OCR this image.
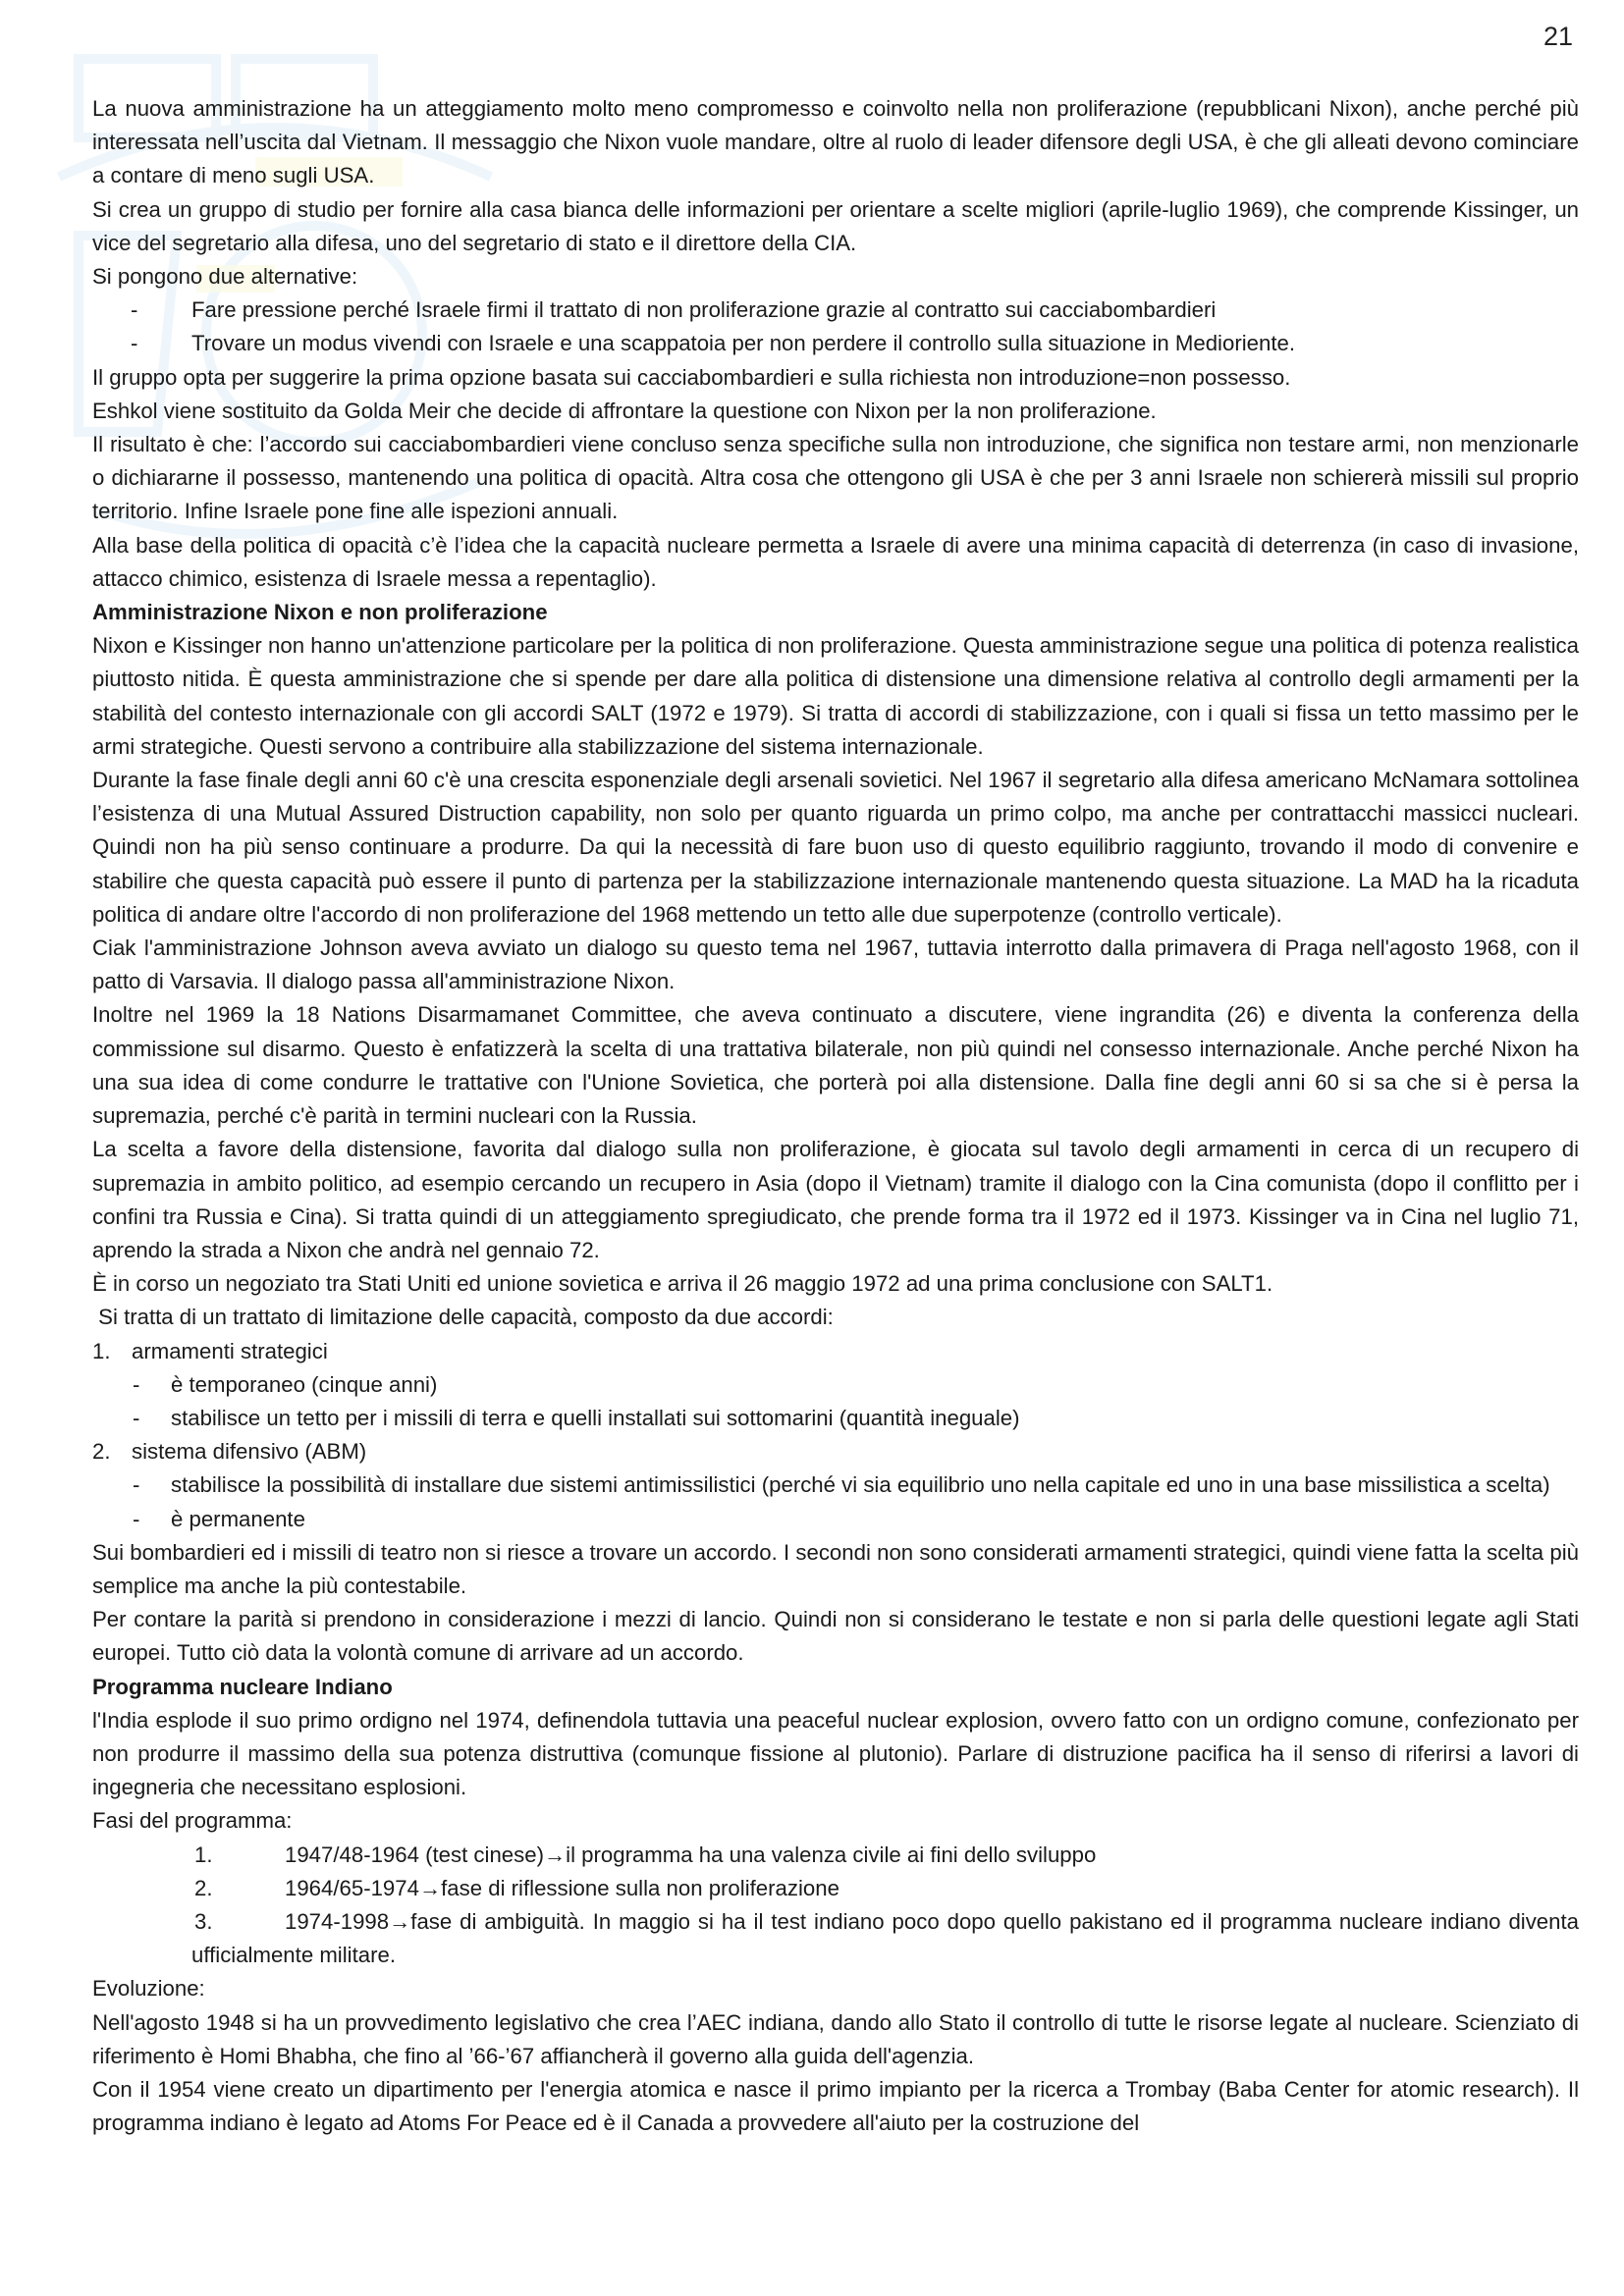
21

La nuova amministrazione ha un atteggiamento molto meno compromesso e coinvolto nella non proliferazione (repubblicani Nixon), anche perché più interessata nell’uscita dal Vietnam. Il messaggio che Nixon vuole mandare, oltre al ruolo di leader difensore degli USA, è che gli alleati devono cominciare a contare di meno sugli USA.

Si crea un gruppo di studio per fornire alla casa bianca delle informazioni per orientare a scelte migliori (aprile-luglio 1969), che comprende Kissinger, un vice del segretario alla difesa, uno del segretario di stato e il direttore della CIA.

Si pongono due alternative:

- Fare pressione perché Israele firmi il trattato di non proliferazione grazie al contratto sui cacciabombardieri
- Trovare un modus vivendi con Israele e una scappatoia per non perdere il controllo sulla situazione in Medioriente.

Il gruppo opta per suggerire la prima opzione basata sui cacciabombardieri e sulla richiesta non introduzione=non possesso.

Eshkol viene sostituito da Golda Meir che decide di affrontare la questione con Nixon per la non proliferazione.

Il risultato è che: l’accordo sui cacciabombardieri viene concluso senza specifiche sulla non introduzione, che significa non testare armi, non menzionarle o dichiararne il possesso, mantenendo una politica di opacità. Altra cosa che ottengono gli USA è che per 3 anni Israele non schiererà missili sul proprio territorio. Infine Israele pone fine alle ispezioni annuali.

Alla base della politica di opacità c’è l’idea che la capacità nucleare permetta a Israele di avere una minima capacità di deterrenza (in caso di invasione, attacco chimico, esistenza di Israele messa a repentaglio).

Amministrazione Nixon e non proliferazione

Nixon e Kissinger non hanno un'attenzione particolare per la politica di non proliferazione. Questa amministrazione segue una politica di potenza realistica piuttosto nitida. È questa amministrazione che si spende per dare alla politica di distensione una dimensione relativa al controllo degli armamenti per la stabilità del contesto internazionale con gli accordi SALT (1972 e 1979). Si tratta di accordi di stabilizzazione, con i quali si fissa un tetto massimo per le armi strategiche. Questi servono a contribuire alla stabilizzazione del sistema internazionale.

Durante la fase finale degli anni 60 c'è una crescita esponenziale degli arsenali sovietici. Nel 1967 il segretario alla difesa americano McNamara sottolinea l’esistenza di una Mutual Assured Distruction capability, non solo per quanto riguarda un primo colpo, ma anche per contrattacchi massicci nucleari. Quindi non ha più senso continuare a produrre. Da qui la necessità di fare buon uso di questo equilibrio raggiunto, trovando il modo di convenire e stabilire che questa capacità può essere il punto di partenza per la stabilizzazione internazionale mantenendo questa situazione. La MAD ha la ricaduta politica di andare oltre l'accordo di non proliferazione del 1968 mettendo un tetto alle due superpotenze (controllo verticale).

Ciak l'amministrazione Johnson aveva avviato un dialogo su questo tema nel 1967, tuttavia interrotto dalla primavera di Praga nell'agosto 1968, con il patto di Varsavia. Il dialogo passa all'amministrazione Nixon.

Inoltre nel 1969 la 18 Nations Disarmamanet Committee, che aveva continuato a discutere, viene ingrandita (26) e diventa la conferenza della commissione sul disarmo. Questo è enfatizzerà la scelta di una trattativa bilaterale, non più quindi nel consesso internazionale. Anche perché Nixon ha una sua idea di come condurre le trattative con l'Unione Sovietica, che porterà poi alla distensione. Dalla fine degli anni 60 si sa che si è persa la supremazia, perché c'è parità in termini nucleari con la Russia.

La scelta a favore della distensione, favorita dal dialogo sulla non proliferazione, è giocata sul tavolo degli armamenti in cerca di un recupero di supremazia in ambito politico, ad esempio cercando un recupero in Asia (dopo il Vietnam) tramite il dialogo con la Cina comunista (dopo il conflitto per i confini tra Russia e Cina). Si tratta quindi di un atteggiamento spregiudicato, che prende forma tra il 1972 ed il 1973. Kissinger va in Cina nel luglio 71, aprendo la strada a Nixon che andrà nel gennaio 72.

È in corso un negoziato tra Stati Uniti ed unione sovietica e arriva il 26 maggio 1972 ad una prima conclusione con SALT1.

Si tratta di un trattato di limitazione delle capacità, composto da due accordi:

1. armamenti strategici
- è temporaneo (cinque anni)
- stabilisce un tetto per i missili di terra e quelli installati sui sottomarini (quantità ineguale)
2. sistema difensivo (ABM)
- stabilisce la possibilità di installare due sistemi antimissilistici (perché vi sia equilibrio uno nella capitale ed uno in una base missilistica a scelta)
- è permanente

Sui bombardieri ed i missili di teatro non si riesce a trovare un accordo. I secondi non sono considerati armamenti strategici, quindi viene fatta la scelta più semplice ma anche la più contestabile.

Per contare la parità si prendono in considerazione i mezzi di lancio. Quindi non si considerano le testate e non si parla delle questioni legate agli Stati europei. Tutto ciò data la volontà comune di arrivare ad un accordo.

Programma nucleare Indiano

l'India esplode il suo primo ordigno nel 1974, definendola tuttavia una peaceful nuclear explosion, ovvero fatto con un ordigno comune, confezionato per non produrre il massimo della sua potenza distruttiva (comunque fissione al plutonio). Parlare di distruzione pacifica ha il senso di riferirsi a lavori di ingegneria che necessitano esplosioni.

Fasi del programma:

1.	1947/48-1964 (test cinese)→il programma ha una valenza civile ai fini dello sviluppo
2.	1964/65-1974→fase di riflessione sulla non proliferazione
3.	1974-1998→fase di ambiguità. In maggio si ha il test indiano poco dopo quello pakistano ed il programma nucleare indiano diventa ufficialmente militare.

Evoluzione:

Nell'agosto 1948 si ha un provvedimento legislativo che crea l’AEC indiana, dando allo Stato il controllo di tutte le risorse legate al nucleare. Scienziato di riferimento è Homi Bhabha, che fino al ’66-’67 affiancherà il governo alla guida dell'agenzia.

Con il 1954 viene creato un dipartimento per l'energia atomica e nasce il primo impianto per la ricerca a Trombay (Baba Center for atomic research). Il programma indiano è legato ad Atoms For Peace ed è il Canada a provvedere all'aiuto per la costruzione del
